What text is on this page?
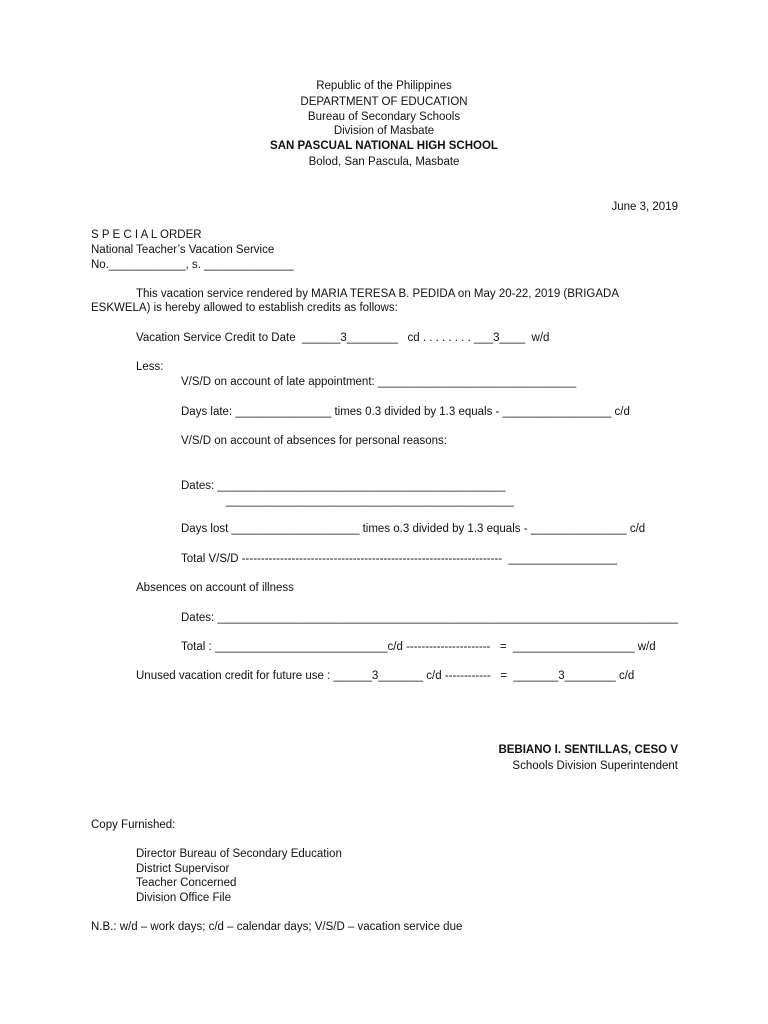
Republic of the Philippines
DEPARTMENT OF EDUCATION
Bureau of Secondary Schools
Division of Masbate
SAN PASCUAL NATIONAL HIGH SCHOOL
Bolod, San Pascula, Masbate
June 3, 2019
S P E C I A L ORDER
National Teacher’s Vacation Service
No.____________, s. ______________
This vacation service rendered by MARIA TERESA B. PEDIDA on May 20-22, 2019 (BRIGADA
ESKWELA) is hereby allowed to establish credits as follows:
Vacation Service Credit to Date  ______3________   cd . . . . . . . . ___3____  w/d
Less:
V/S/D on account of late appointment: _______________________________
Days late: _______________ times 0.3 divided by 1.3 equals - _________________ c/d
V/S/D on account of absences for personal reasons:
Dates: _____________________________________________
_____________________________________________
Days lost ____________________ times o.3 divided by 1.3 equals - _______________ c/d
Total V/S/D --------------------------------------------------------------------  _________________
Absences on account of illness
Dates: ________________________________________________________________________
Total : ___________________________c/d ----------------------   =  ___________________ w/d
Unused vacation credit for future use : ______3_______ c/d ------------   =  _______3________ c/d
BEBIANO I. SENTILLAS, CESO V
Schools Division Superintendent
Copy Furnished:
Director Bureau of Secondary Education
District Supervisor
Teacher Concerned
Division Office File
N.B.: w/d – work days; c/d – calendar days; V/S/D – vacation service due
